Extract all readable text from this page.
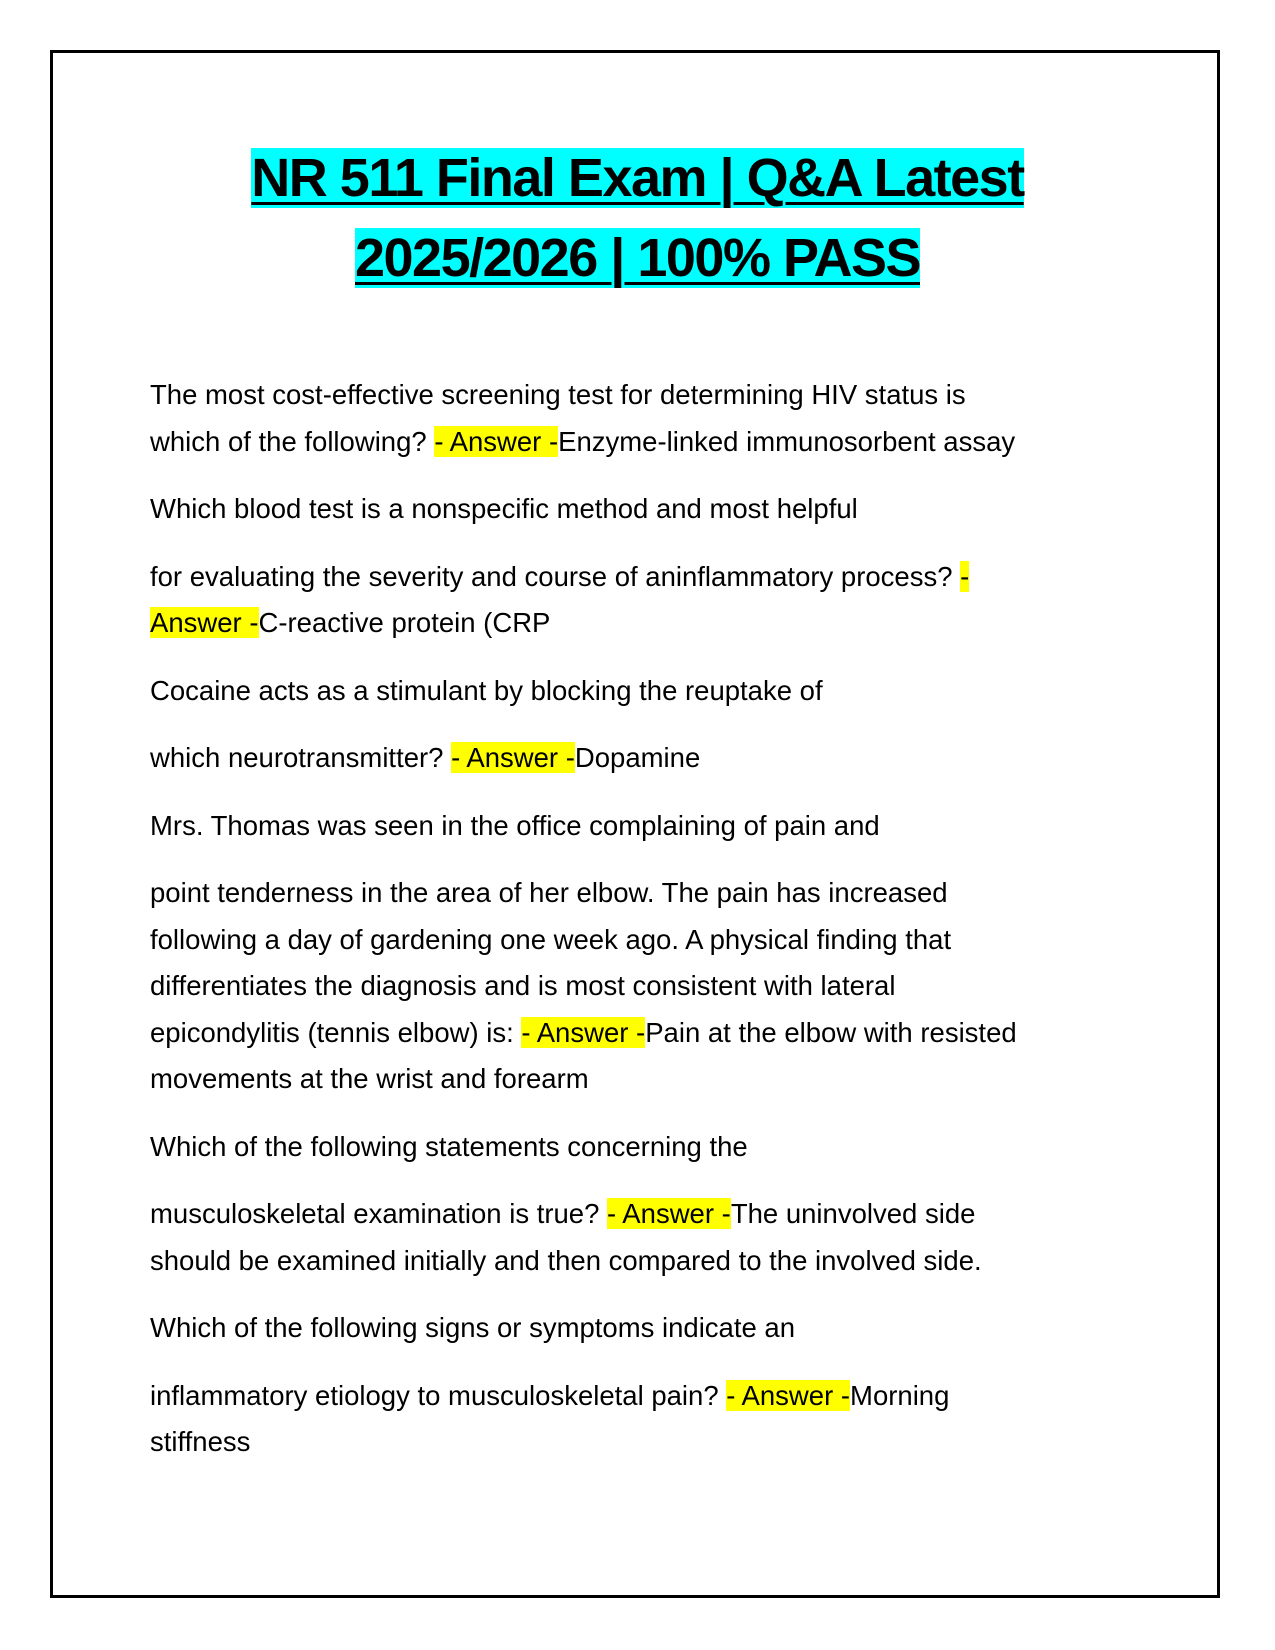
NR 511 Final Exam | Q&A Latest
2025/2026 | 100% PASS

The most cost-effective screening test for determining HIV status is
which of the following? - Answer -Enzyme-linked immunosorbent assay

Which blood test is a nonspecific method and most helpful

for evaluating the severity and course of aninflammatory process? -
Answer -C-reactive protein (CRP

Cocaine acts as a stimulant by blocking the reuptake of

which neurotransmitter? - Answer -Dopamine

Mrs. Thomas was seen in the office complaining of pain and

point tenderness in the area of her elbow. The pain has increased
following a day of gardening one week ago. A physical finding that
differentiates the diagnosis and is most consistent with lateral
epicondylitis (tennis elbow) is: - Answer -Pain at the elbow with resisted
movements at the wrist and forearm

Which of the following statements concerning the

musculoskeletal examination is true? - Answer -The uninvolved side
should be examined initially and then compared to the involved side.

Which of the following signs or symptoms indicate an

inflammatory etiology to musculoskeletal pain? - Answer -Morning
stiffness
